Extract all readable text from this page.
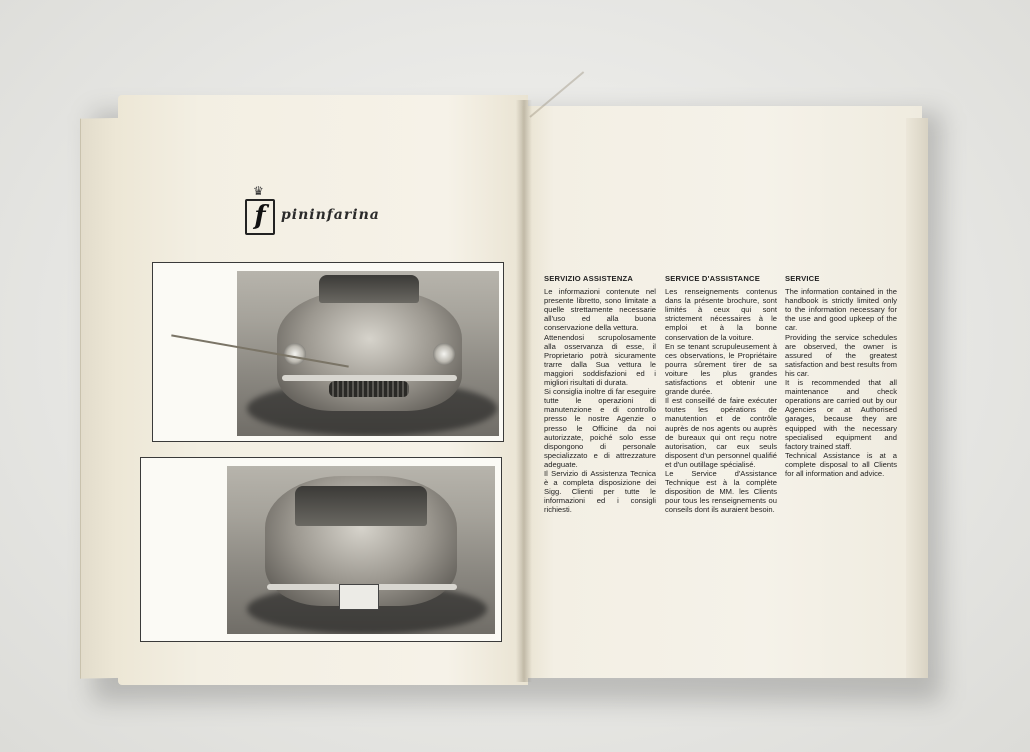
♛
f	pininfarina
SERVIZIO ASSISTENZA

Le informazioni contenute nel presente libretto, sono limitate a quelle strettamente necessarie all'uso ed alla buona conservazione della vettura.

Attenendosi scrupolosamente alla osservanza di esse, il Proprietario potrà sicuramente trarre dalla Sua vettura le maggiori soddisfazioni ed i migliori risultati di durata.

Si consiglia inoltre di far eseguire tutte le operazioni di manutenzione e di controllo presso le nostre Agenzie o presso le Officine da noi autorizzate, poiché solo esse dispongono di personale specializzato e di attrezzature adeguate.

Il Servizio di Assistenza Tecnica è a completa disposizione dei Sigg. Clienti per tutte le informazioni ed i consigli richiesti.

SERVICE D'ASSISTANCE

Les renseignements contenus dans la présente brochure, sont limités à ceux qui sont strictement nécessaires à le emploi et à la bonne conservation de la voiture.

En se tenant scrupuleusement à ces observations, le Propriétaire pourra sûrement tirer de sa voiture les plus grandes satisfactions et obtenir une grande durée.

Il est conseillé de faire exécuter toutes les opérations de manutention et de contrôle auprès de nos agents ou auprès de bureaux qui ont reçu notre autorisation, car eux seuls disposent d'un personnel qualifié et d'un outillage spécialisé.

Le Service d'Assistance Technique est à la complète disposition de MM. les Clients pour tous les renseignements ou conseils dont ils auraient besoin.

SERVICE

The information contained in the handbook is strictly limited only to the information necessary for the use and good upkeep of the car.

Providing the service schedules are observed, the owner is assured of the greatest satisfaction and best results from his car.

It is recommended that all maintenance and check operations are carried out by our Agencies or at Authorised garages, because they are equipped with the necessary specialised equipment and factory trained staff.

Technical Assistance is at a complete disposal to all Clients for all information and advice.
